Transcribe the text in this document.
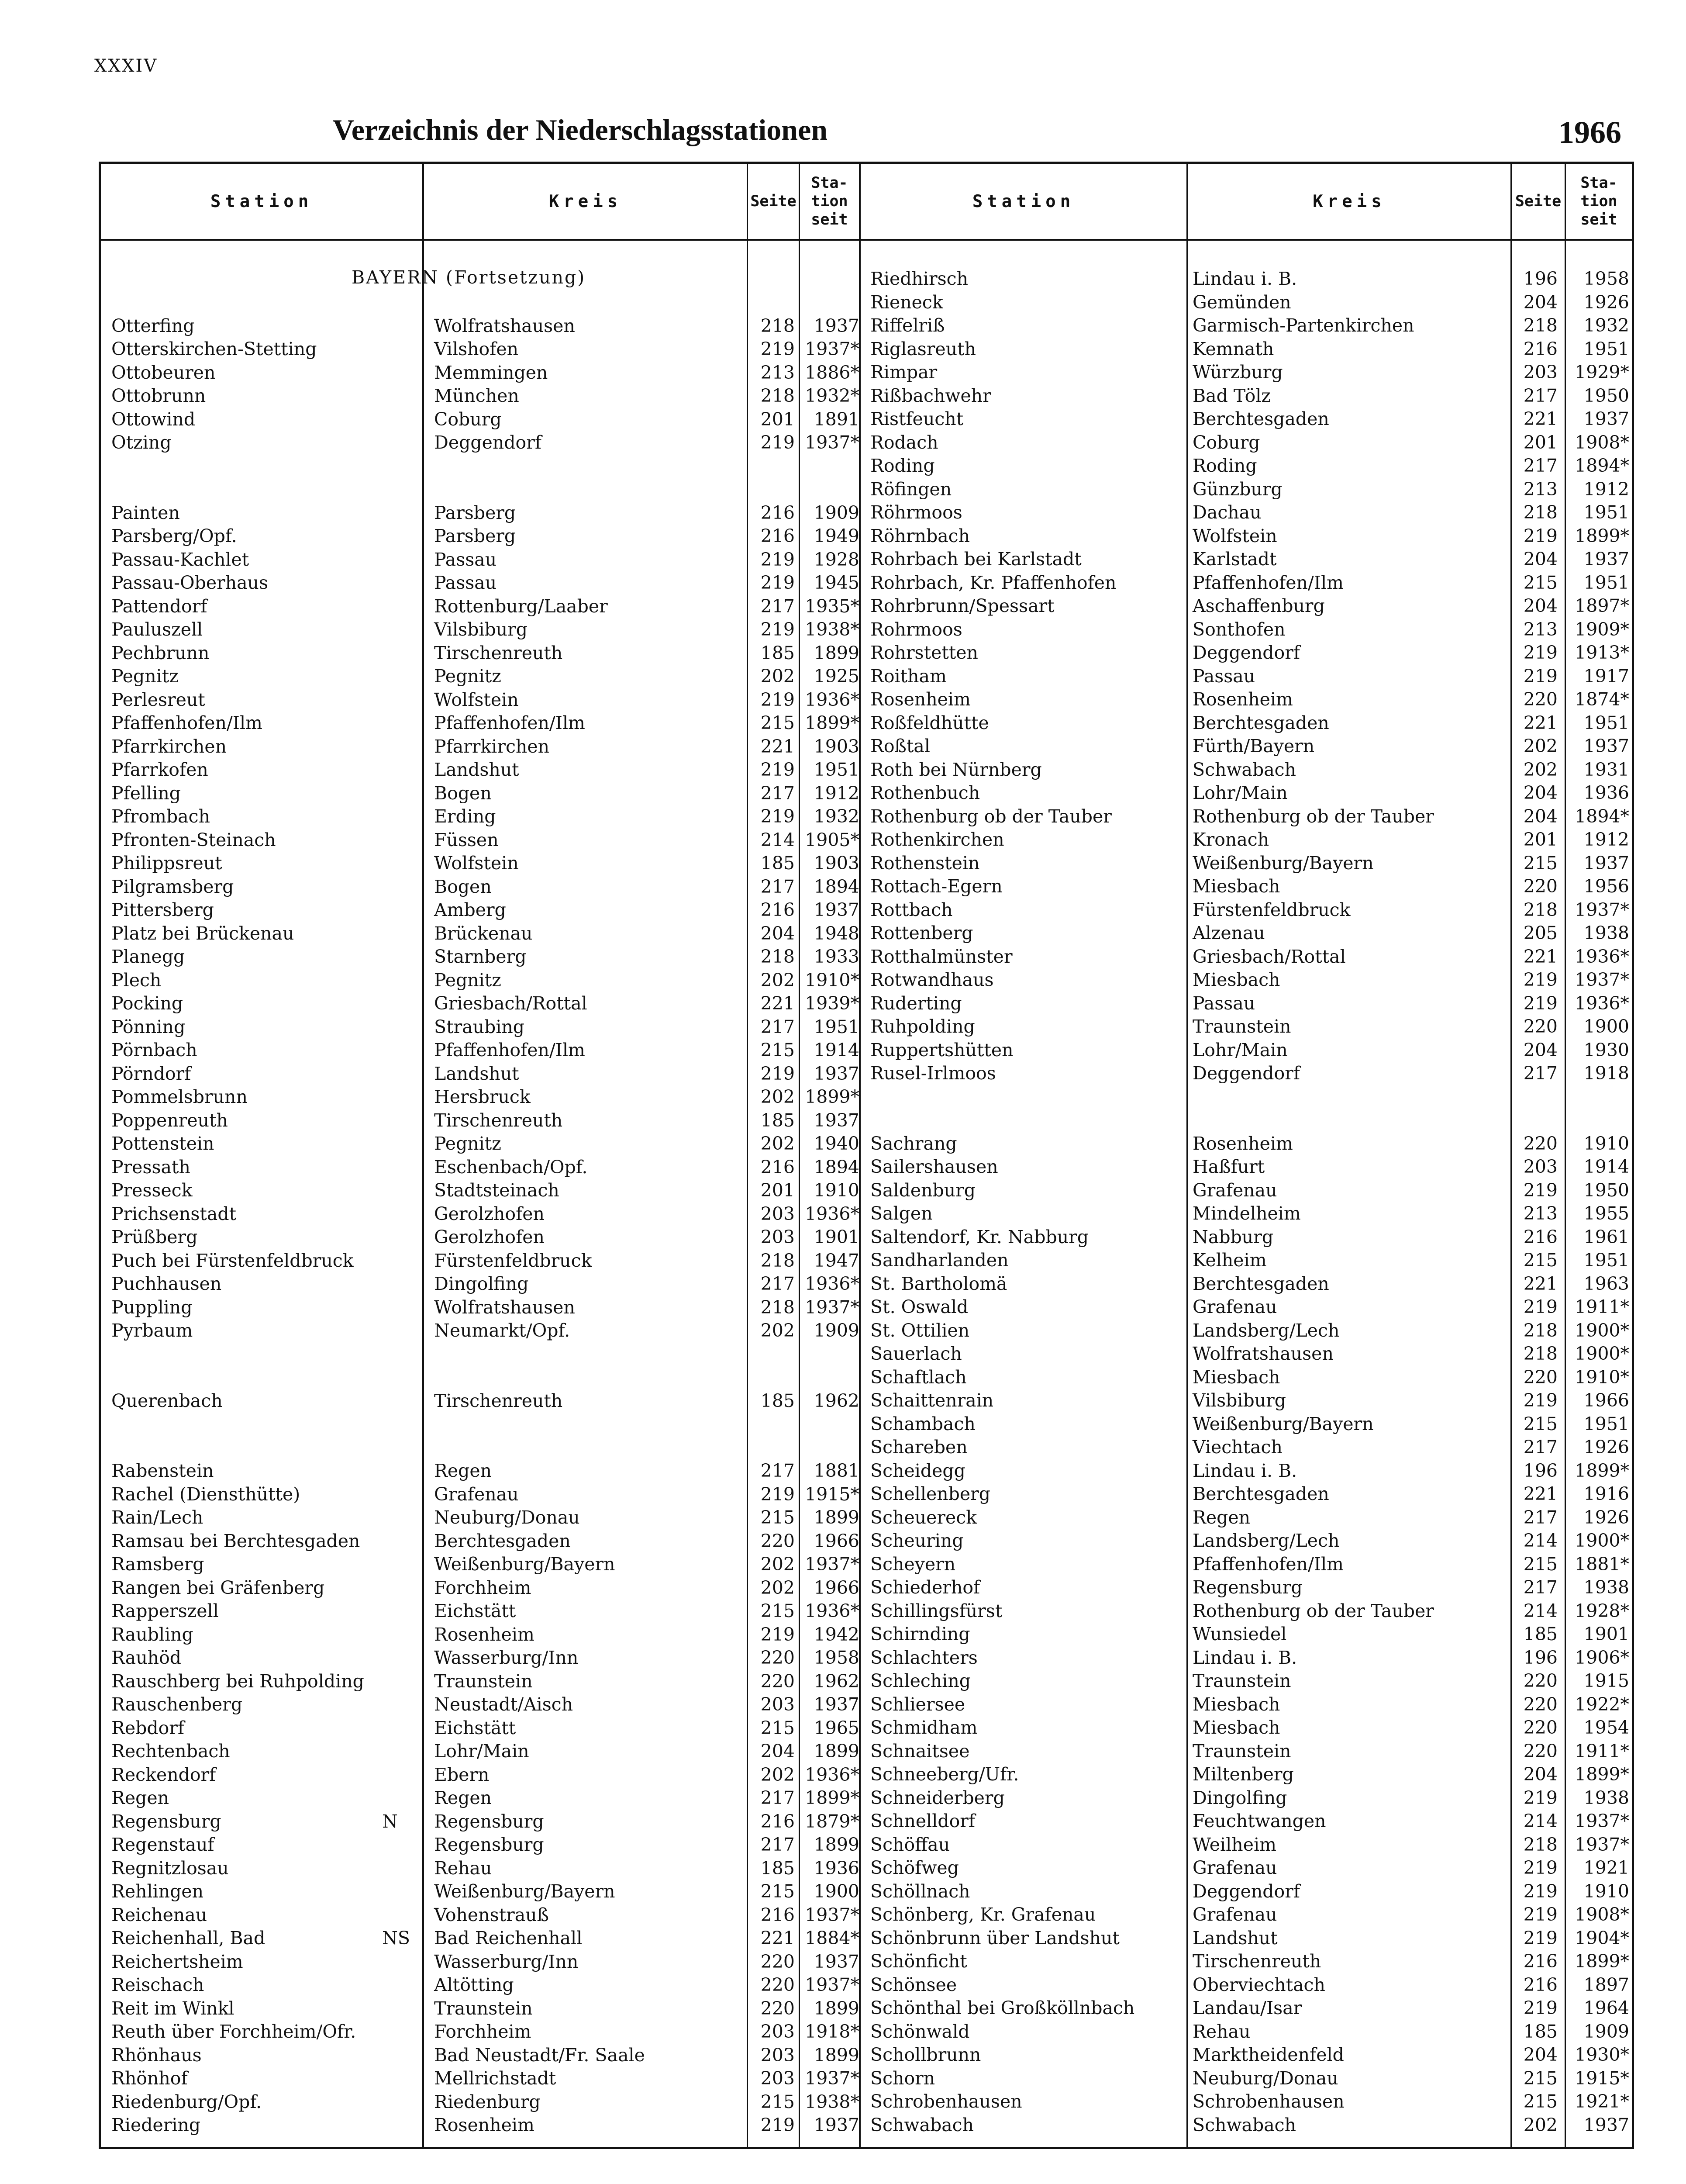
XXXIV
Verzeichnis der Niederschlagsstationen	1966
Station	Kreis	Seite
Sta-
tion
seit
Station	Kreis	Seite
Sta-
tion
seit
BAYERN (Fortsetzung)
Otterfing	Wolfratshausen	218	1937
Otterskirchen-Stetting	Vilshofen	219 1937*
Ottobeuren	Memmingen	213 1886*
Ottobrunn	München	218 1932*
Ottowind	Coburg	201	1891
Otzing	Deggendorf	219 1937*
Painten	Parsberg	216	1909
Parsberg/Opf.	Parsberg	216	1949
Passau-Kachlet	Passau	219	1928
Passau-Oberhaus	Passau	219	1945
Pattendorf	Rottenburg/Laaber	217 1935*
Pauluszell	Vilsbiburg	219 1938*
Pechbrunn	Tirschenreuth	185	1899
Pegnitz	Pegnitz	202	1925
Perlesreut	Wolfstein	219 1936*
Pfaffenhofen/Ilm	Pfaffenhofen/Ilm	215 1899*
Pfarrkirchen	Pfarrkirchen	221	1903
Pfarrkofen	Landshut	219	1951
Pfelling	Bogen	217	1912
Pfrombach	Erding	219	1932
Pfronten-Steinach	Füssen	214 1905*
Philippsreut	Wolfstein	185	1903
Pilgramsberg	Bogen	217	1894
Pittersberg	Amberg	216	1937
Platz bei Brückenau	Brückenau	204	1948
Planegg	Starnberg	218	1933
Plech	Pegnitz	202 1910*
Pocking	Griesbach/Rottal	221 1939*
Pönning	Straubing	217	1951
Pörnbach	Pfaffenhofen/Ilm	215	1914
Pörndorf	Landshut	219	1937
Pommelsbrunn	Hersbruck	202 1899*
Poppenreuth	Tirschenreuth	185	1937
Pottenstein	Pegnitz	202	1940
Pressath	Eschenbach/Opf.	216	1894
Presseck	Stadtsteinach	201	1910
Prichsenstadt	Gerolzhofen	203 1936*
Prüßberg	Gerolzhofen	203	1901
Puch bei Fürstenfeldbruck	Fürstenfeldbruck	218	1947
Puchhausen	Dingolfing	217 1936*
Puppling	Wolfratshausen	218 1937*
Pyrbaum	Neumarkt/Opf.	202	1909
Querenbach	Tirschenreuth	185	1962
Rabenstein	Regen	217	1881
Rachel (Diensthütte)	Grafenau	219 1915*
Rain/Lech	Neuburg/Donau	215	1899
Ramsau bei Berchtesgaden	Berchtesgaden	220	1966
Ramsberg	Weißenburg/Bayern	202 1937*
Rangen bei Gräfenberg	Forchheim	202	1966
Rapperszell	Eichstätt	215 1936*
Raubling	Rosenheim	219	1942
Rauhöd	Wasserburg/Inn	220	1958
Rauschberg bei Ruhpolding	Traunstein	220	1962
Rauschenberg	Neustadt/Aisch	203	1937
Rebdorf	Eichstätt	215	1965
Rechtenbach	Lohr/Main	204	1899
Reckendorf	Ebern	202 1936*
Regen	Regen	217 1899*
Regensburg	Regensburg	216 1879*
N
Regenstauf	Regensburg	217	1899
Regnitzlosau	Rehau	185	1936
Rehlingen	Weißenburg/Bayern	215	1900
Reichenau	Vohenstrauß	216 1937*
Reichenhall, Bad	Bad Reichenhall	221 1884*
NS
Reichertsheim	Wasserburg/Inn	220	1937
Reischach	Altötting	220 1937*
Reit im Winkl	Traunstein	220	1899
Reuth über Forchheim/Ofr.	Forchheim	203 1918*
Rhönhaus	Bad Neustadt/Fr. Saale	203	1899
Rhönhof	Mellrichstadt	203 1937*
Riedenburg/Opf.	Riedenburg	215 1938*
Riedering	Rosenheim	219	1937
Riedhirsch	Lindau i. B.	196	1958
Rieneck	Gemünden	204	1926
Riffelriß	Garmisch-Partenkirchen	218	1932
Riglasreuth	Kemnath	216	1951
Rimpar	Würzburg	203 1929*
Rißbachwehr	Bad Tölz	217	1950
Ristfeucht	Berchtesgaden	221	1937
Rodach	Coburg	201 1908*
Roding	Roding	217 1894*
Röfingen	Günzburg	213	1912
Röhrmoos	Dachau	218	1951
Röhrnbach	Wolfstein	219 1899*
Rohrbach bei Karlstadt	Karlstadt	204	1937
Rohrbach, Kr. Pfaffenhofen	Pfaffenhofen/Ilm	215	1951
Rohrbrunn/Spessart	Aschaffenburg	204 1897*
Rohrmoos	Sonthofen	213 1909*
Rohrstetten	Deggendorf	219 1913*
Roitham	Passau	219	1917
Rosenheim	Rosenheim	220 1874*
Roßfeldhütte	Berchtesgaden	221	1951
Roßtal	Fürth/Bayern	202	1937
Roth bei Nürnberg	Schwabach	202	1931
Rothenbuch	Lohr/Main	204	1936
Rothenburg ob der Tauber	Rothenburg ob der Tauber	204 1894*
Rothenkirchen	Kronach	201	1912
Rothenstein	Weißenburg/Bayern	215	1937
Rottach-Egern	Miesbach	220	1956
Rottbach	Fürstenfeldbruck	218 1937*
Rottenberg	Alzenau	205	1938
Rotthalmünster	Griesbach/Rottal	221 1936*
Rotwandhaus	Miesbach	219 1937*
Ruderting	Passau	219 1936*
Ruhpolding	Traunstein	220	1900
Ruppertshütten	Lohr/Main	204	1930
Rusel-Irlmoos	Deggendorf	217	1918
Sachrang	Rosenheim	220	1910
Sailershausen	Haßfurt	203	1914
Saldenburg	Grafenau	219	1950
Salgen	Mindelheim	213	1955
Saltendorf, Kr. Nabburg	Nabburg	216	1961
Sandharlanden	Kelheim	215	1951
St. Bartholomä	Berchtesgaden	221	1963
St. Oswald	Grafenau	219 1911*
St. Ottilien	Landsberg/Lech	218 1900*
Sauerlach	Wolfratshausen	218 1900*
Schaftlach	Miesbach	220 1910*
Schaittenrain	Vilsbiburg	219	1966
Schambach	Weißenburg/Bayern	215	1951
Schareben	Viechtach	217	1926
Scheidegg	Lindau i. B.	196 1899*
Schellenberg	Berchtesgaden	221	1916
Scheuereck	Regen	217	1926
Scheuring	Landsberg/Lech	214 1900*
Scheyern	Pfaffenhofen/Ilm	215 1881*
Schiederhof	Regensburg	217	1938
Schillingsfürst	Rothenburg ob der Tauber	214 1928*
Schirnding	Wunsiedel	185	1901
Schlachters	Lindau i. B.	196 1906*
Schleching	Traunstein	220	1915
Schliersee	Miesbach	220 1922*
Schmidham	Miesbach	220	1954
Schnaitsee	Traunstein	220 1911*
Schneeberg/Ufr.	Miltenberg	204 1899*
Schneiderberg	Dingolfing	219	1938
Schnelldorf	Feuchtwangen	214 1937*
Schöffau	Weilheim	218 1937*
Schöfweg	Grafenau	219	1921
Schöllnach	Deggendorf	219	1910
Schönberg, Kr. Grafenau	Grafenau	219 1908*
Schönbrunn über Landshut	Landshut	219 1904*
Schönficht	Tirschenreuth	216 1899*
Schönsee	Oberviechtach	216	1897
Schönthal bei Großköllnbach	Landau/Isar	219	1964
Schönwald	Rehau	185	1909
Schollbrunn	Marktheidenfeld	204 1930*
Schorn	Neuburg/Donau	215 1915*
Schrobenhausen	Schrobenhausen	215 1921*
Schwabach	Schwabach	202	1937
